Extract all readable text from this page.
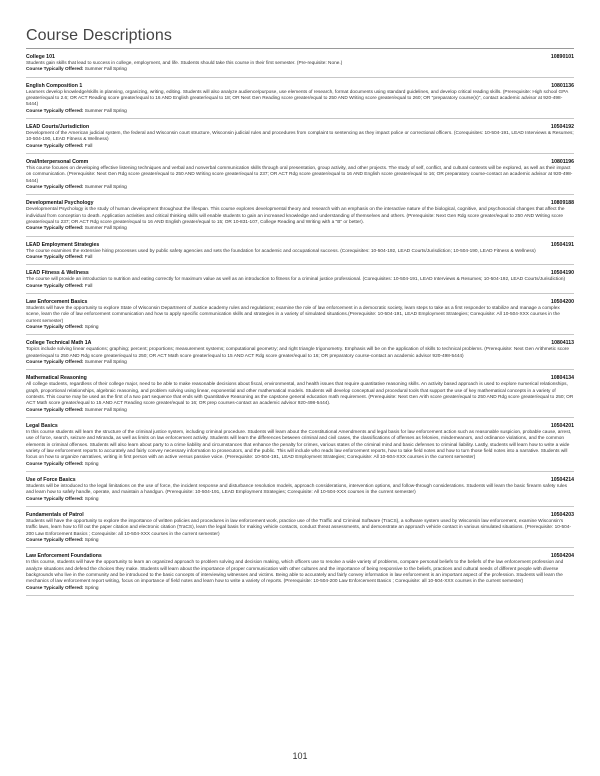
Course Descriptions
College 101	10890101

Students gain skills that lead to success in college, employment, and life. Students should take this course in their first semester. (Pre-requisite: None.)

Course Typically Offered: Summer Fall Spring
English Composition 1	10801136

Learners develop knowledge/skills in planning, organizing, writing, editing. Students will also analyze audience/purpose, use elements of research, format documents using standard guidelines, and develop critical reading skills. (Prerequisite: High school GPA greater/equal to 2.6; OR ACT Reading score greater/equal to 16 AND English greater/equal to 18; OR Next Gen Reading score greater/equal to 250 AND Writing score greater/equal to 260; OR "preparatory course(s)", contact academic advisor at 920-498-5444)

Course Typically Offered: Summer Fall Spring
LEAD Courts/Jurisdiction	10504192

Development of the American judicial system, the federal and Wisconsin court structure, Wisconsin judicial rules and procedures from complaint to sentencing as they impact police or correctional officers. (Corequisites: 10-504-191, LEAD Interviews & Resumes; 10-504-190, LEAD Fitness & Wellness)

Course Typically Offered: Fall
Oral/Interpersonal Comm	10801196

This course focuses on developing effective listening techniques and verbal and nonverbal communication skills through oral presentation, group activity, and other projects. The study of self, conflict, and cultural contexts will be explored, as well as their impact on communication. (Prerequisite: Next Gen Rdg score greater/equal to 250 AND Writing score greater/equal to 237; OR ACT Rdg score greater/equal to 16 AND English score greater/equal to 16; OR preparatory course-contact an academic advisor at 920-498-5444)

Course Typically Offered: Summer Fall Spring
Developmental Psychology	10809188

Developmental Psychology is the study of human development throughout the lifespan. This course explores developmental theory and research with an emphasis on the interactive nature of the biological, cognitive, and psychosocial changes that affect the individual from conception to death. Application activities and critical thinking skills will enable students to gain an increased knowledge and understanding of themselves and others. (Prerequisite: Next Gen Rdg score greater/equal to 250 AND Writing score greater/equal to 237; OR ACT Rdg score greater/equal to 16 AND English greater/equal to 15; OR 10-831-107, College Reading and Writing with a "B" or better).

Course Typically Offered: Summer Fall Spring
LEAD Employment Strategies	10504191

The course examines the extensive hiring processes used by public safety agencies and sets the foundation for academic and occupational success. (Corequisites: 10-504-192, LEAD Courts/Jurisdiction; 10-504-190, LEAD Fitness & Wellness)

Course Typically Offered: Fall
LEAD Fitness & Wellness	10504190

The course will provide an introduction to nutrition and eating correctly for maximum value as well as an introduction to fitness for a criminal justice professional. (Corequisites: 10-504-191, LEAD Interviews & Resumes; 10-504-192, LEAD Courts/Jurisdiction)

Course Typically Offered: Fall
Law Enforcement Basics	10504200

Students will have the opportunity to explore State of Wisconsin Department of Justice academy rules and regulations; examine the role of law enforcement in a democratic society, learn steps to take as a first responder to stabilize and manage a complex scene, learn the role of law enforcement communication and how to apply specific communication skills and strategies in a variety of simulated situations.(Prerequisite: 10-504-191, LEAD Employment Strategies; Corequisite: All 10-504-XXX courses in the current semester)

Course Typically Offered: Spring
College Technical Math 1A	10804113

Topics include solving linear equations; graphing; percent; proportions; measurement systems; computational geometry; and right triangle trigonometry. Emphasis will be on the application of skills to technical problems. (Prerequisite: Next Gen Arithmetic score greater/equal to 250 AND Rdg score greater/equal to 250; OR ACT Math score greater/equal to 15 AND ACT Rdg score greater/equal to 16; OR preparatory course-contact an academic advisor 920-498-5444)

Course Typically Offered: Summer Fall Spring
Mathematical Reasoning	10804134

All college students, regardless of their college major, need to be able to make reasonable decisions about fiscal, environmental, and health issues that require quantitative reasoning skills. An activity based approach is used to explore numerical relationships, graph, proportional relationships, algebraic reasoning, and problem solving using linear, exponential and other mathematical models. Students will develop conceptual and procedural tools that support the use of key mathematical concepts in a variety of contexts. This course may be used as the first of a two part sequence that ends with Quantitative Reasoning as the capstone general education math requirement. (Prerequisite: Next Gen Arith score greater/equal to 250 AND Rdg score greater/equal to 250; OR ACT Math score greater/equal to 15 AND ACT Reading score greater/equal to 16; OR prep courses-contact an academic advisor 920-498-5444).

Course Typically Offered: Summer Fall Spring
Legal Basics	10504201

In this course students will learn the structure of the criminal justice system, including criminal procedure. Students will learn about the Constitutional Amendments and legal basis for law enforcement action such as reasonable suspicion, probable cause, arrest, use of force, search, seizure and Miranda, as well as limits on law enforcement activity. Students will learn the differences between criminal and civil cases, the classifications of offenses as felonies, misdemeanors, and ordinance violations, and the common elements in criminal offenses. Students will also learn about party to a crime liability and circumstances that enhance the penalty for crimes, various states of the criminal mind and basic defenses to criminal liability. Lastly, students will learn how to write a wide variety of law enforcement reports to accurately and fairly convey necessary information to prosecutors, and the public. This will include who reads law enforcement reports, how to take field notes and how to turn those field notes into a narrative. Students will focus on how to organize narratives, writing in first person with an active versus passive voice. (Prerequisite: 10-504-191, LEAD Employment Strategies; Corequisite: All 10-504-XXX courses in the current semester)

Course Typically Offered: Spring
Use of Force Basics	10504214

Students will be introduced to the legal limitations on the use of force, the incident response and disturbance resolution models, approach considerations, intervention options, and follow-through considerations. Students will learn the basic firearm safety rules and learn how to safely handle, operate, and maintain a handgun. (Prerequisite: 10-504-191, LEAD Employment Strategies; Corequisite: All 10-504-XXX courses in the current semester)

Course Typically Offered: Spring
Fundamentals of Patrol	10504203

Students will have the opportunity to explore the importance of written policies and procedures in law enforcement work, practice use of the Traffic and Criminal Software (TraCS), a software system used by Wisconsin law enforcement, examine Wisconsin's traffic laws, learn how to fill out the paper citation and electronic citation (TraCS), learn the legal basis for making vehicle contacts, conduct threat assessments, and demonstrate an approach vehicle contact in various simulated situations. (Prerequisite: 10-504-200 Law Enforcement Basics ; Corequisite: all 10-504-XXX courses in the current semester)

Course Typically Offered: Spring
Law Enforcement Foundations	10504204

In this course, students will have the opportunity to learn an organized approach to problem solving and decision making, which officers use to resolve a wide variety of problems, compare personal beliefs to the beliefs of the law enforcement profession and analyze situations and defend the choices they make. Students will learn about the importance of proper communication with other cultures and the importance of being responsive to the beliefs, practices and cultural needs of different people with diverse backgrounds who live in the community and be introduced to the basic concepts of interviewing witnesses and victims. Being able to accurately and fairly convey information in law enforcement is an important aspect of the profession. Students will learn the mechanics of law enforcement report writing, focus on importance of field notes and learn how to write a variety of reports. (Prerequisite: 10-504-200 Law Enforcement Basics ; Corequisite: all 10-504-XXX courses in the current semester)

Course Typically Offered: Spring
101
